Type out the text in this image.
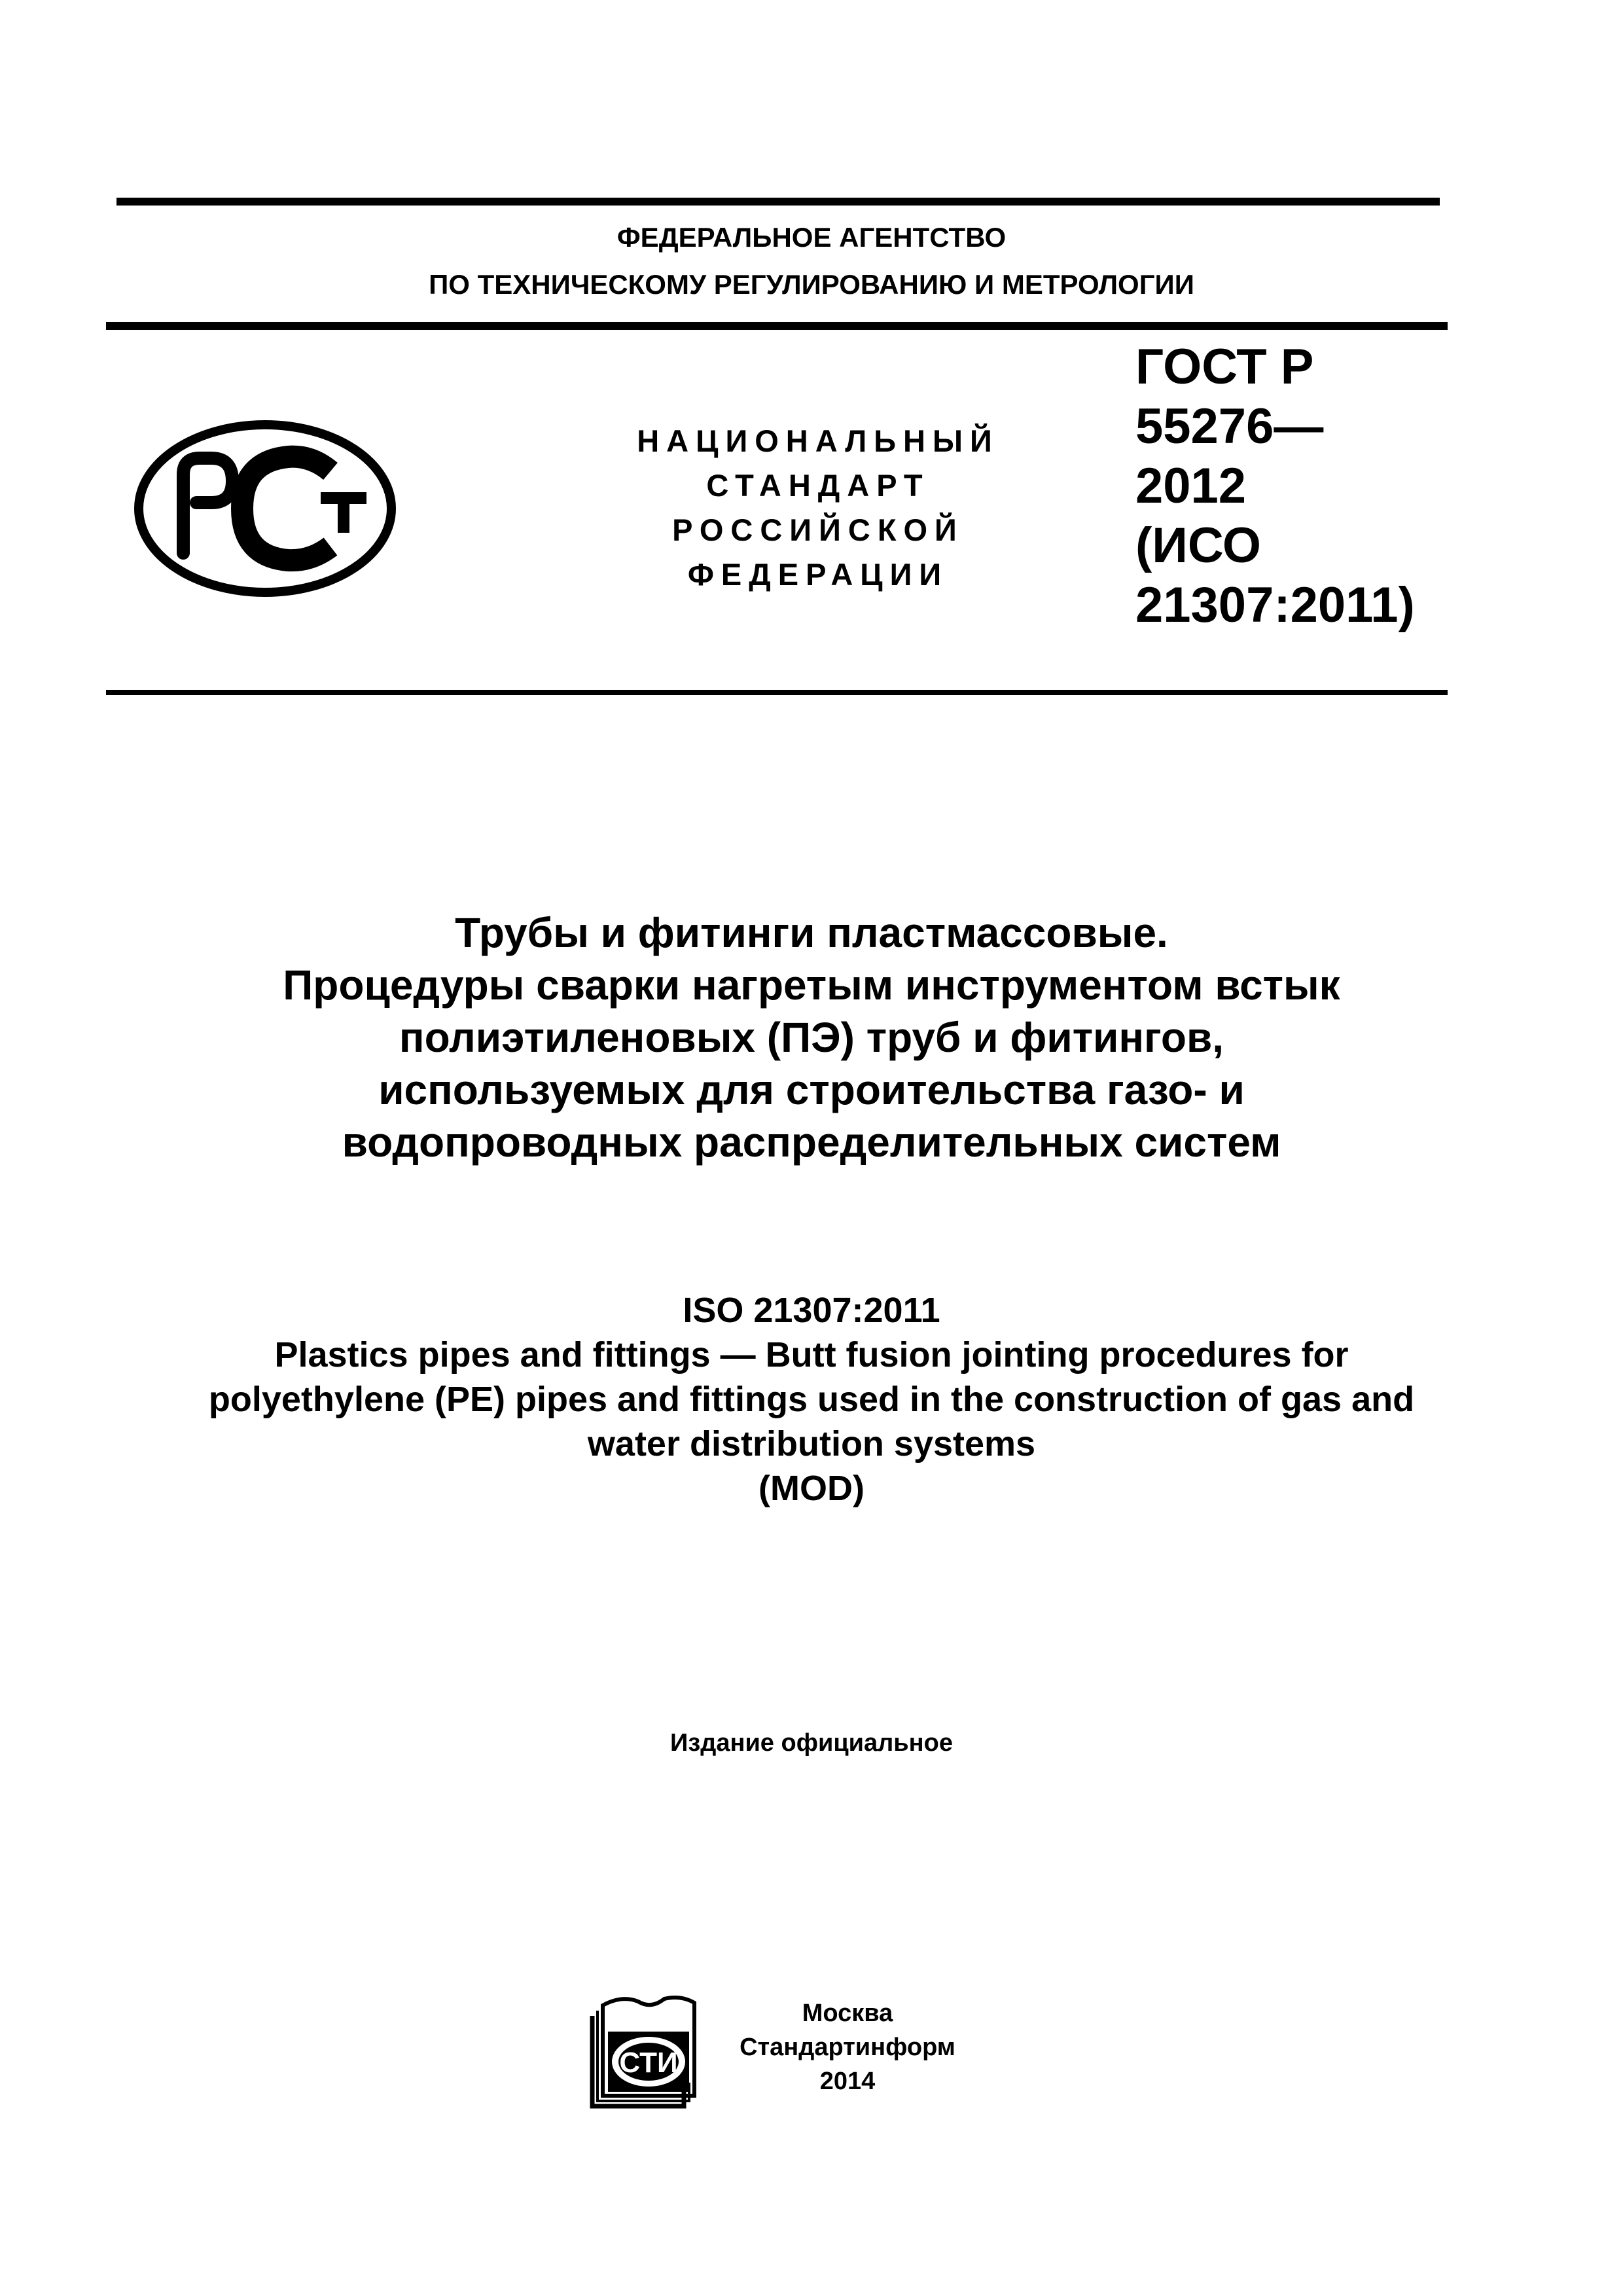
ФЕДЕРАЛЬНОЕ АГЕНТСТВО
ПО ТЕХНИЧЕСКОМУ РЕГУЛИРОВАНИЮ И МЕТРОЛОГИИ
НАЦИОНАЛЬНЫЙ
СТАНДАРТ
РОССИЙСКОЙ
ФЕДЕРАЦИИ
ГОСТ Р
55276—
2012
(ИСО
21307:2011)
Трубы и фитинги пластмассовые.
Процедуры сварки нагретым инструментом встык
полиэтиленовых (ПЭ) труб и фитингов,
используемых для строительства газо- и
водопроводных распределительных систем
ISO 21307:2011
Plastics pipes and fittings — Butt fusion jointing procedures for
polyethylene (PE) pipes and fittings used in the construction of gas and
water distribution systems
(MOD)
Издание официальное
СТИ
Москва
Стандартинформ
2014
